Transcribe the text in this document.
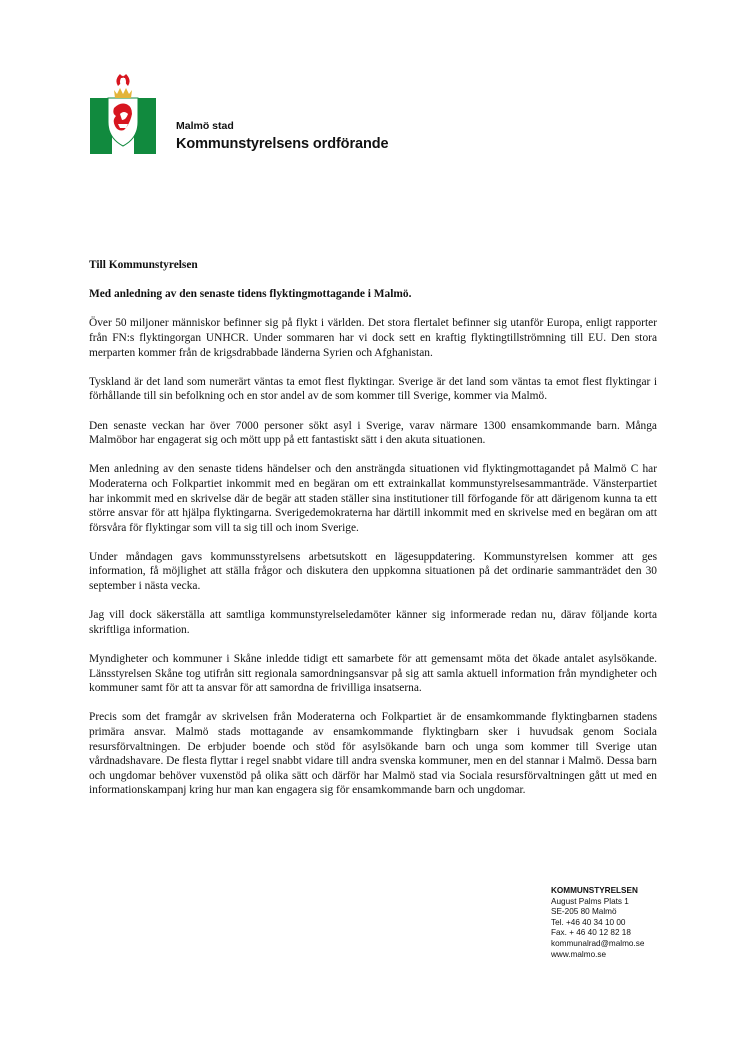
Malmö stad
Kommunstyrelsens ordförande

Till Kommunstyrelsen

Med anledning av den senaste tidens flyktingmottagande i Malmö.

Över 50 miljoner människor befinner sig på flykt i världen. Det stora flertalet befinner sig utanför Europa, enligt rapporter från FN:s flyktingorgan UNHCR. Under sommaren har vi dock sett en kraftig flyktingtillströmning till EU. Den stora merparten kommer från de krigsdrabbade länderna Syrien och Afghanistan.

Tyskland är det land som numerärt väntas ta emot flest flyktingar. Sverige är det land som väntas ta emot flest flyktingar i förhållande till sin befolkning och en stor andel av de som kommer till Sverige, kommer via Malmö.

Den senaste veckan har över 7000 personer sökt asyl i Sverige, varav närmare 1300 ensamkommande barn. Många Malmöbor har engagerat sig och mött upp på ett fantastiskt sätt i den akuta situationen.

Men anledning av den senaste tidens händelser och den ansträngda situationen vid flyktingmottagandet på Malmö C har Moderaterna och Folkpartiet inkommit med en begäran om ett extrainkallat kommunstyrelsesammanträde. Vänsterpartiet har inkommit med en skrivelse där de begär att staden ställer sina institutioner till förfogande för att därigenom kunna ta ett större ansvar för att hjälpa flyktingarna. Sverigedemokraterna har därtill inkommit med en skrivelse med en begäran om att försvåra för flyktingar som vill ta sig till och inom Sverige.

Under måndagen gavs kommunsstyrelsens arbetsutskott en lägesuppdatering. Kommunstyrelsen kommer att ges information, få möjlighet att ställa frågor och diskutera den uppkomna situationen på det ordinarie sammanträdet den 30 september i nästa vecka.

Jag vill dock säkerställa att samtliga kommunstyrelseledamöter känner sig informerade redan nu, därav följande korta skriftliga information.

Myndigheter och kommuner i Skåne inledde tidigt ett samarbete för att gemensamt möta det ökade antalet asylsökande. Länsstyrelsen Skåne tog utifrån sitt regionala samordningsansvar på sig att samla aktuell information från myndigheter och kommuner samt för att ta ansvar för att samordna de frivilliga insatserna.

Precis som det framgår av skrivelsen från Moderaterna och Folkpartiet är de ensamkommande flyktingbarnen stadens primära ansvar. Malmö stads mottagande av ensamkommande flyktingbarn sker i huvudsak genom Sociala resursförvaltningen. De erbjuder boende och stöd för asylsökande barn och unga som kommer till Sverige utan vårdnadshavare. De flesta flyttar i regel snabbt vidare till andra svenska kommuner, men en del stannar i Malmö. Dessa barn och ungdomar behöver vuxenstöd på olika sätt och därför har Malmö stad via Sociala resursförvaltningen gått ut med en informationskampanj kring hur man kan engagera sig för ensamkommande barn och ungdomar.

KOMMUNSTYRELSEN
August Palms Plats 1
SE-205 80 Malmö
Tel. +46 40 34 10 00
Fax. + 46 40 12 82 18
kommunalrad@malmo.se
www.malmo.se
